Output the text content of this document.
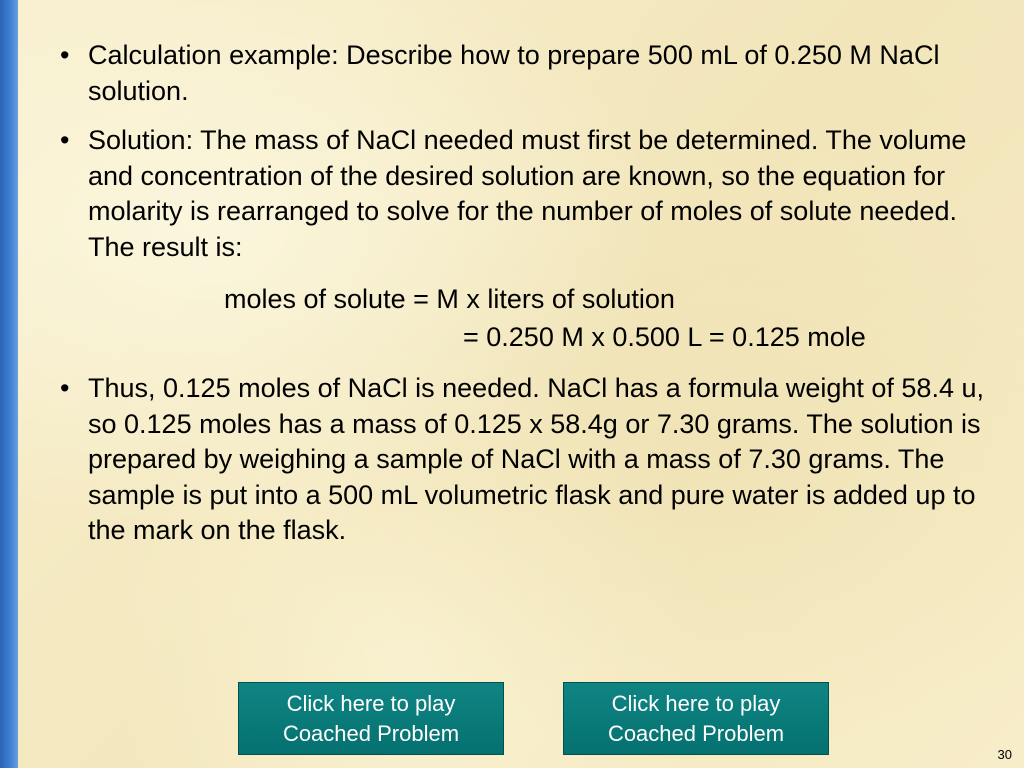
• Calculation example: Describe how to prepare 500 mL of 0.250 M NaCl solution.
• Solution: The mass of NaCl needed must first be determined. The volume and concentration of the desired solution are known, so the equation for molarity is rearranged to solve for the number of moles of solute needed. The result is:
moles of solute = M x liters of solution
= 0.250 M x 0.500 L = 0.125 mole
• Thus, 0.125 moles of NaCl is needed. NaCl has a formula weight of 58.4 u, so 0.125 moles has a mass of 0.125 x 58.4g or 7.30 grams. The solution is prepared by weighing a sample of NaCl with a mass of 7.30 grams. The sample is put into a 500 mL volumetric flask and pure water is added up to the mark on the flask.
Click here to play
Coached Problem
Click here to play
Coached Problem
30
